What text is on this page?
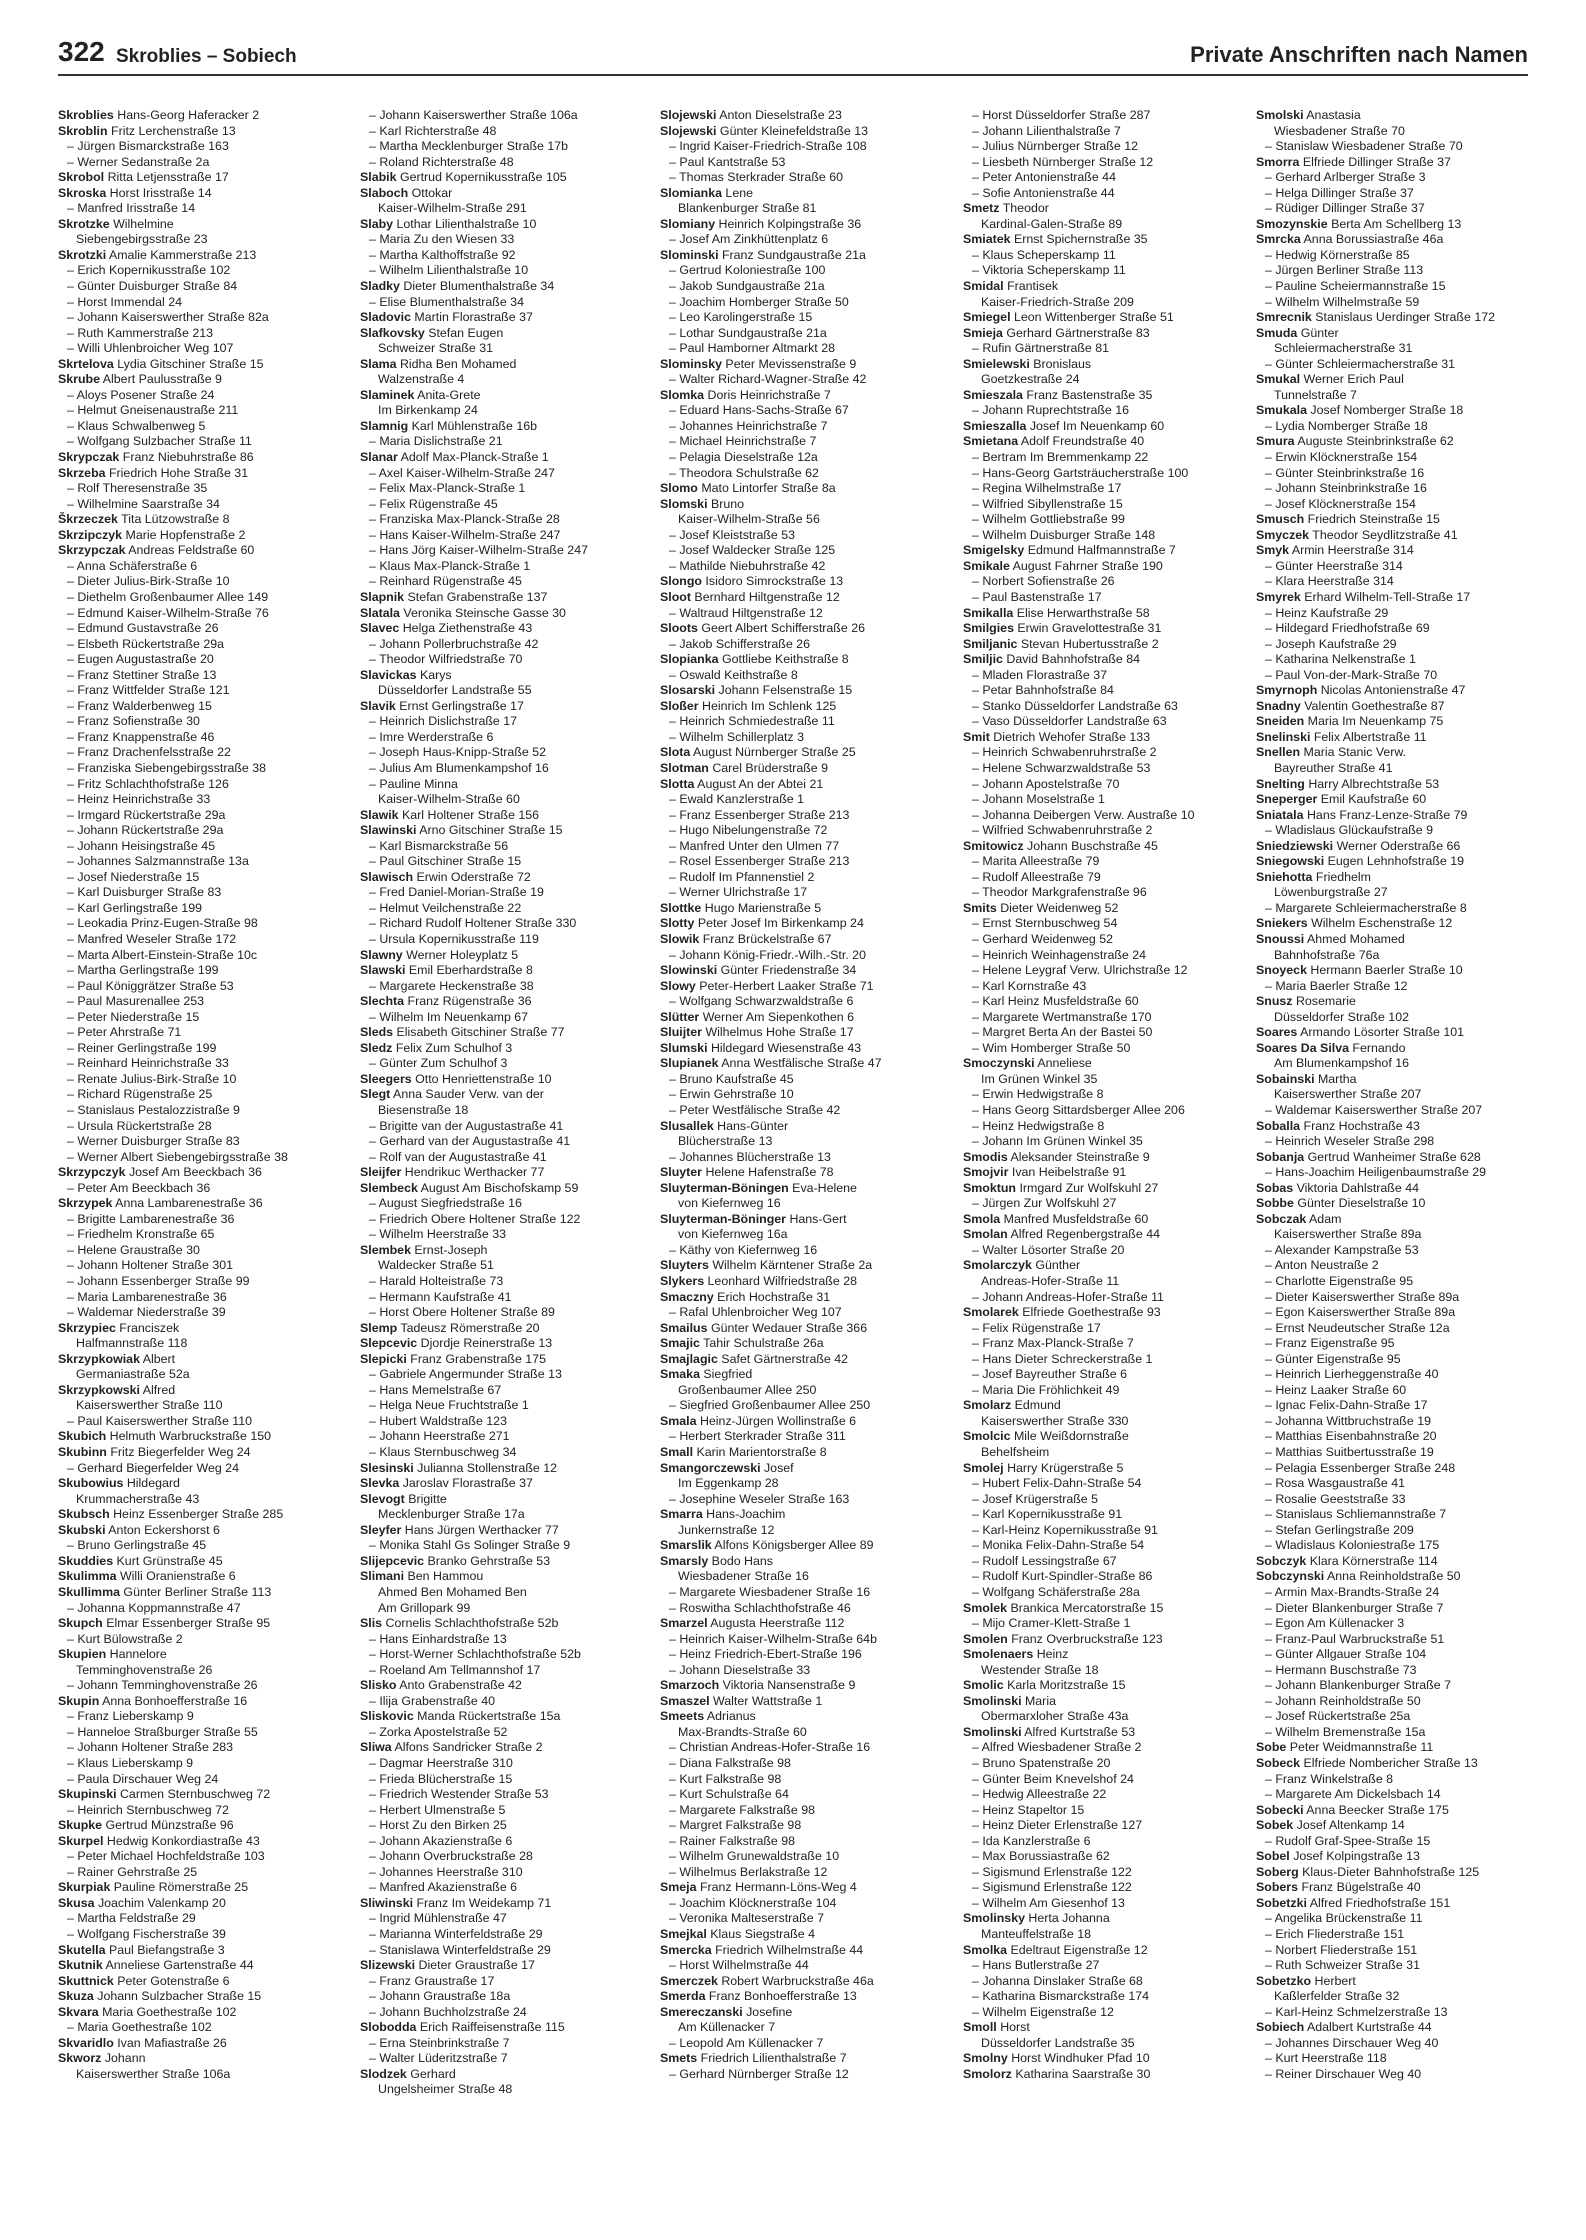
322 Skroblies – Sobiech	Private Anschriften nach Namen
Skroblies Hans-Georg Haferacker 2
Skroblin Fritz Lerchenstraße 13
– Jürgen Bismarckstraße 163
– Werner Sedanstraße 2a
Skrobol Ritta Letjensstraße 17
Skroska Horst Irisstraße 14
– Manfred Irisstraße 14
Skrotzke Wilhelmine
Siebengebirgsstraße 23
Skrotzki Amalie Kammerstraße 213
– Erich Kopernikusstraße 102
– Günter Duisburger Straße 84
– Horst Immendal 24
– Johann Kaiserswerther Straße 82a
– Ruth Kammerstraße 213
– Willi Uhlenbroicher Weg 107
Skrtelova Lydia Gitschiner Straße 15
Skrube Albert Paulusstraße 9
– Aloys Posener Straße 24
– Helmut Gneisenaustraße 211
– Klaus Schwalbenweg 5
– Wolfgang Sulzbacher Straße 11
Skrypczak Franz Niebuhrstraße 86
Skrzeba Friedrich Hohe Straße 31
– Rolf Theresenstraße 35
– Wilhelmine Saarstraße 34
Škrzeczek Tita Lützowstraße 8
Skrzipczyk Marie Hopfenstraße 2
Skrzypczak Andreas Feldstraße 60
– Anna Schäferstraße 6
– Dieter Julius-Birk-Straße 10
– Diethelm Großenbaumer Allee 149
– Edmund Kaiser-Wilhelm-Straße 76
– Edmund Gustavstraße 26
– Elsbeth Rückertstraße 29a
– Eugen Augustastraße 20
– Franz Stettiner Straße 13
– Franz Wittfelder Straße 121
– Franz Walderbenweg 15
– Franz Sofienstraße 30
– Franz Knappenstraße 46
– Franz Drachenfelsstraße 22
– Franziska Siebengebirgsstraße 38
– Fritz Schlachthofstraße 126
– Heinz Heinrichstraße 33
– Irmgard Rückertstraße 29a
– Johann Rückertstraße 29a
– Johann Heisingstraße 45
– Johannes Salzmannstraße 13a
– Josef Niederstraße 15
– Karl Duisburger Straße 83
– Karl Gerlingstraße 199
– Leokadia Prinz-Eugen-Straße 98
– Manfred Weseler Straße 172
– Marta Albert-Einstein-Straße 10c
– Martha Gerlingstraße 199
– Paul Königgrätzer Straße 53
– Paul Masurenallee 253
– Peter Niederstraße 15
– Peter Ahrstraße 71
– Reiner Gerlingstraße 199
– Reinhard Heinrichstraße 33
– Renate Julius-Birk-Straße 10
– Richard Rügenstraße 25
– Stanislaus Pestalozzistraße 9
– Ursula Rückertstraße 28
– Werner Duisburger Straße 83
– Werner Albert Siebengebirgsstraße 38
Skrzypczyk Josef Am Beeckbach 36
– Peter Am Beeckbach 36
Skrzypek Anna Lambarenestraße 36
– Brigitte Lambarenestraße 36
– Friedhelm Kronstraße 65
– Helene Graustraße 30
– Johann Holtener Straße 301
– Johann Essenberger Straße 99
– Maria Lambarenestraße 36
– Waldemar Niederstraße 39
Skrzypiec Franciszek
Halfmannstraße 118
Skrzypkowiak Albert
Germaniastraße 52a
Skrzypkowski Alfred
Kaiserswerther Straße 110
– Paul Kaiserswerther Straße 110
Skubich Helmuth Warbruckstraße 150
Skubinn Fritz Biegerfelder Weg 24
– Gerhard Biegerfelder Weg 24
Skubowius Hildegard
Krummacherstraße 43
Skubsch Heinz Essenberger Straße 285
Skubski Anton Eckershorst 6
– Bruno Gerlingstraße 45
Skuddies Kurt Grünstraße 45
Skulimma Willi Oranienstraße 6
Skullimma Günter Berliner Straße 113
– Johanna Koppmannstraße 47
Skupch Elmar Essenberger Straße 95
– Kurt Bülowstraße 2
Skupien Hannelore
Temminghovenstraße 26
– Johann Temminghovenstraße 26
Skupin Anna Bonhoefferstraße 16
– Franz Lieberskamp 9
– Hanneloe Straßburger Straße 55
– Johann Holtener Straße 283
– Klaus Lieberskamp 9
– Paula Dirschauer Weg 24
Skupinski Carmen Sternbuschweg 72
– Heinrich Sternbuschweg 72
Skupke Gertrud Münzstraße 96
Skurpel Hedwig Konkordiastraße 43
– Peter Michael Hochfeldstraße 103
– Rainer Gehrstraße 25
Skurpiak Pauline Römerstraße 25
Skusa Joachim Valenkamp 20
– Martha Feldstraße 29
– Wolfgang Fischerstraße 39
Skutella Paul Biefangstraße 3
Skutnik Anneliese Gartenstraße 44
Skuttnick Peter Gotenstraße 6
Skuza Johann Sulzbacher Straße 15
Skvara Maria Goethestraße 102
– Maria Goethestraße 102
Skvaridlo Ivan Mafiastraße 26
Skworz Johann
Kaiserswerther Straße 106a
– Johann Kaiserswerther Straße 106a
– Karl Richterstraße 48
– Martha Mecklenburger Straße 17b
– Roland Richterstraße 48
Slabik Gertrud Kopernikusstraße 105
Slaboch Ottokar
Kaiser-Wilhelm-Straße 291
Slaby Lothar Lilienthalstraße 10
– Maria Zu den Wiesen 33
– Martha Kalthoffstraße 92
– Wilhelm Lilienthalstraße 10
Sladky Dieter Blumenthalstraße 34
– Elise Blumenthalstraße 34
Sladovic Martin Florastraße 37
Slafkovsky Stefan Eugen
Schweizer Straße 31
Slama Ridha Ben Mohamed
Walzenstraße 4
Slaminek Anita-Grete
Im Birkenkamp 24
Slamnig Karl Mühlenstraße 16b
– Maria Dislichstraße 21
Slanar Adolf Max-Planck-Straße 1
– Axel Kaiser-Wilhelm-Straße 247
– Felix Max-Planck-Straße 1
– Felix Rügenstraße 45
– Franziska Max-Planck-Straße 28
– Hans Kaiser-Wilhelm-Straße 247
– Hans Jörg Kaiser-Wilhelm-Straße 247
– Klaus Max-Planck-Straße 1
– Reinhard Rügenstraße 45
Slapnik Stefan Grabenstraße 137
Slatala Veronika Steinsche Gasse 30
Slavec Helga Ziethenstraße 43
– Johann Pollerbruchstraße 42
– Theodor Wilfriedstraße 70
Slavickas Karys
Düsseldorfer Landstraße 55
Slavik Ernst Gerlingstraße 17
– Heinrich Dislichstraße 17
– Imre Werderstraße 6
– Joseph Haus-Knipp-Straße 52
– Julius Am Blumenkampshof 16
– Pauline Minna
Kaiser-Wilhelm-Straße 60
Slawik Karl Holtener Straße 156
Slawinski Arno Gitschiner Straße 15
– Karl Bismarckstraße 56
– Paul Gitschiner Straße 15
Slawisch Erwin Oderstraße 72
– Fred Daniel-Morian-Straße 19
– Helmut Veilchenstraße 22
– Richard Rudolf Holtener Straße 330
– Ursula Kopernikusstraße 119
Slawny Werner Holeyplatz 5
Slawski Emil Eberhardstraße 8
– Margarete Heckenstraße 38
Slechta Franz Rügenstraße 36
– Wilhelm Im Neuenkamp 67
Sleds Elisabeth Gitschiner Straße 77
Sledz Felix Zum Schulhof 3
– Günter Zum Schulhof 3
Sleegers Otto Henriettenstraße 10
Slegt Anna Sauder Verw. van der
Biesenstraße 18
– Brigitte van der Augustastraße 41
– Gerhard van der Augustastraße 41
– Rolf van der Augustastraße 41
Sleijfer Hendrikuc Werthacker 77
Slembeck August Am Bischofskamp 59
– August Siegfriedstraße 16
– Friedrich Obere Holtener Straße 122
– Wilhelm Heerstraße 33
Slembek Ernst-Joseph
Waldecker Straße 51
– Harald Holteistraße 73
– Hermann Kaufstraße 41
– Horst Obere Holtener Straße 89
Slemp Tadeusz Römerstraße 20
Slepcevic Djordje Reinerstraße 13
Slepicki Franz Grabenstraße 175
– Gabriele Angermunder Straße 13
– Hans Memelstraße 67
– Helga Neue Fruchtstraße 1
– Hubert Waldstraße 123
– Johann Heerstraße 271
– Klaus Sternbuschweg 34
Slesinski Julianna Stollenstraße 12
Slevka Jaroslav Florastraße 37
Slevogt Brigitte
Mecklenburger Straße 17a
Sleyfer Hans Jürgen Werthacker 77
– Monika Stahl Gs Solinger Straße 9
Slijepcevic Branko Gehrstraße 53
Slimani Ben Hammou
Ahmed Ben Mohamed Ben
Am Grillopark 99
Slis Cornelis Schlachthofstraße 52b
– Hans Einhardstraße 13
– Horst-Werner Schlachthofstraße 52b
– Roeland Am Tellmannshof 17
Slisko Anto Grabenstraße 42
– Ilija Grabenstraße 40
Sliskovic Manda Rückertstraße 15a
– Zorka Apostelstraße 52
Sliwa Alfons Sandricker Straße 2
– Dagmar Heerstraße 310
– Frieda Blücherstraße 15
– Friedrich Westender Straße 53
– Herbert Ulmenstraße 5
– Horst Zu den Birken 25
– Johann Akazienstraße 6
– Johann Overbruckstraße 28
– Johannes Heerstraße 310
– Manfred Akazienstraße 6
Sliwinski Franz Im Weidekamp 71
– Ingrid Mühlenstraße 47
– Marianna Winterfeldstraße 29
– Stanislawa Winterfeldstraße 29
Slizewski Dieter Graustraße 17
– Franz Graustraße 17
– Johann Graustraße 18a
– Johann Buchholzstraße 24
Slobodda Erich Raiffeisenstraße 115
– Erna Steinbrinkstraße 7
– Walter Lüderitzstraße 7
Slodzek Gerhard
Ungelsheimer Straße 48
Slojewski Anton Dieselstraße 23
Slojewski Günter Kleinefeldstraße 13
– Ingrid Kaiser-Friedrich-Straße 108
– Paul Kantstraße 53
– Thomas Sterkrader Straße 60
Slomianka Lene
Blankenburger Straße 81
Slomiany Heinrich Kolpingstraße 36
– Josef Am Zinkhüttenplatz 6
Slominski Franz Sundgaustraße 21a
– Gertrud Koloniestraße 100
– Jakob Sundgaustraße 21a
– Joachim Homberger Straße 50
– Leo Karolingerstraße 15
– Lothar Sundgaustraße 21a
– Paul Hamborner Altmarkt 28
Slominsky Peter Mevissenstraße 9
– Walter Richard-Wagner-Straße 42
Slomka Doris Heinrichstraße 7
– Eduard Hans-Sachs-Straße 67
– Johannes Heinrichstraße 7
– Michael Heinrichstraße 7
– Pelagia Dieselstraße 12a
– Theodora Schulstraße 62
Slomo Mato Lintorfer Straße 8a
Slomski Bruno
Kaiser-Wilhelm-Straße 56
– Josef Kleiststraße 53
– Josef Waldecker Straße 125
– Mathilde Niebuhrstraße 42
Slongo Isidoro Simrockstraße 13
Sloot Bernhard Hiltgenstraße 12
– Waltraud Hiltgenstraße 12
Sloots Geert Albert Schifferstraße 26
– Jakob Schifferstraße 26
Slopianka Gottliebe Keithstraße 8
– Oswald Keithstraße 8
Slosarski Johann Felsenstraße 15
Sloßer Heinrich Im Schlenk 125
– Heinrich Schmiedestraße 11
– Wilhelm Schillerplatz 3
Slota August Nürnberger Straße 25
Slotman Carel Brüderstraße 9
Slotta August An der Abtei 21
– Ewald Kanzlerstraße 1
– Franz Essenberger Straße 213
– Hugo Nibelungenstraße 72
– Manfred Unter den Ulmen 77
– Rosel Essenberger Straße 213
– Rudolf Im Pfannenstiel 2
– Werner Ulrichstraße 17
Slottke Hugo Marienstraße 5
Slotty Peter Josef Im Birkenkamp 24
Slowik Franz Brückelstraße 67
– Johann König-Friedr.-Wilh.-Str. 20
Slowinski Günter Friedenstraße 34
Slowy Peter-Herbert Laaker Straße 71
– Wolfgang Schwarzwaldstraße 6
Slütter Werner Am Siepenkothen 6
Sluijter Wilhelmus Hohe Straße 17
Slumski Hildegard Wiesenstraße 43
Slupianek Anna Westfälische Straße 47
– Bruno Kaufstraße 45
– Erwin Gehrstraße 10
– Peter Westfälische Straße 42
Slusallek Hans-Günter
Blücherstraße 13
– Johannes Blücherstraße 13
Sluyter Helene Hafenstraße 78
Sluyterman-Böningen Eva-Helene
von Kiefernweg 16
Sluyterman-Böninger Hans-Gert
von Kiefernweg 16a
– Käthy von Kiefernweg 16
Sluyters Wilhelm Kärntener Straße 2a
Slykers Leonhard Wilfriedstraße 28
Smaczny Erich Hochstraße 31
– Rafal Uhlenbroicher Weg 107
Smailus Günter Wedauer Straße 366
Smajic Tahir Schulstraße 26a
Smajlagic Safet Gärtnerstraße 42
Smaka Siegfried
Großenbaumer Allee 250
– Siegfried Großenbaumer Allee 250
Smala Heinz-Jürgen Wollinstraße 6
– Herbert Sterkrader Straße 311
Small Karin Marientorstraße 8
Smangorczewski Josef
Im Eggenkamp 28
– Josephine Weseler Straße 163
Smarra Hans-Joachim
Junkernstraße 12
Smarslik Alfons Königsberger Allee 89
Smarsly Bodo Hans
Wiesbadener Straße 16
– Margarete Wiesbadener Straße 16
– Roswitha Schlachthofstraße 46
Smarzel Augusta Heerstraße 112
– Heinrich Kaiser-Wilhelm-Straße 64b
– Heinz Friedrich-Ebert-Straße 196
– Johann Dieselstraße 33
Smarzoch Viktoria Nansenstraße 9
Smaszel Walter Wattstraße 1
Smeets Adrianus
Max-Brandts-Straße 60
– Christian Andreas-Hofer-Straße 16
– Diana Falkstraße 98
– Kurt Falkstraße 98
– Kurt Schulstraße 64
– Margarete Falkstraße 98
– Margret Falkstraße 98
– Rainer Falkstraße 98
– Wilhelm Grunewaldstraße 10
– Wilhelmus Berlakstraße 12
Smeja Franz Hermann-Löns-Weg 4
– Joachim Klöcknerstraße 104
– Veronika Malteserstraße 7
Smejkal Klaus Siegstraße 4
Smercka Friedrich Wilhelmstraße 44
– Horst Wilhelmstraße 44
Smerczek Robert Warbruckstraße 46a
Smerda Franz Bonhoefferstraße 13
Smereczanski Josefine
Am Küllenacker 7
– Leopold Am Küllenacker 7
Smets Friedrich Lilienthalstraße 7
– Gerhard Nürnberger Straße 12
– Horst Düsseldorfer Straße 287
– Johann Lilienthalstraße 7
– Julius Nürnberger Straße 12
– Liesbeth Nürnberger Straße 12
– Peter Antonienstraße 44
– Sofie Antonienstraße 44
Smetz Theodor
Kardinal-Galen-Straße 89
Smiatek Ernst Spichernstraße 35
– Klaus Scheperskamp 11
– Viktoria Scheperskamp 11
Smidal Frantisek
Kaiser-Friedrich-Straße 209
Smiegel Leon Wittenberger Straße 51
Smieja Gerhard Gärtnerstraße 83
– Rufin Gärtnerstraße 81
Smielewski Bronislaus
Goetzkestraße 24
Smieszala Franz Bastenstraße 35
– Johann Ruprechtstraße 16
Smieszalla Josef Im Neuenkamp 60
Smietana Adolf Freundstraße 40
– Bertram Im Bremmenkamp 22
– Hans-Georg Gartsträucherstraße 100
– Regina Wilhelmstraße 17
– Wilfried Sibyllenstraße 15
– Wilhelm Gottliebstraße 99
– Wilhelm Duisburger Straße 148
Smigelsky Edmund Halfmannstraße 7
Smikale August Fahrner Straße 190
– Norbert Sofienstraße 26
– Paul Bastenstraße 17
Smikalla Elise Herwarthstraße 58
Smilgies Erwin Gravelottestraße 31
Smiljanic Stevan Hubertusstraße 2
Smiljic David Bahnhofstraße 84
– Mladen Florastraße 37
– Petar Bahnhofstraße 84
– Stanko Düsseldorfer Landstraße 63
– Vaso Düsseldorfer Landstraße 63
Smit Dietrich Wehofer Straße 133
– Heinrich Schwabenruhrstraße 2
– Helene Schwarzwaldstraße 53
– Johann Apostelstraße 70
– Johann Moselstraße 1
– Johanna Deibergen Verw. Austraße 10
– Wilfried Schwabenruhrstraße 2
Smitowicz Johann Buschstraße 45
– Marita Alleestraße 79
– Rudolf Alleestraße 79
– Theodor Markgrafenstraße 96
Smits Dieter Weidenweg 52
– Ernst Sternbuschweg 54
– Gerhard Weidenweg 52
– Heinrich Weinhagenstraße 24
– Helene Leygraf Verw. Ulrichstraße 12
– Karl Kornstraße 43
– Karl Heinz Musfeldstraße 60
– Margarete Wertmanstraße 170
– Margret Berta An der Bastei 50
– Wim Homberger Straße 50
Smoczynski Anneliese
Im Grünen Winkel 35
– Erwin Hedwigstraße 8
– Hans Georg Sittardsberger Allee 206
– Heinz Hedwigstraße 8
– Johann Im Grünen Winkel 35
Smodis Aleksander Steinstraße 9
Smojvir Ivan Heibelstraße 91
Smoktun Irmgard Zur Wolfskuhl 27
– Jürgen Zur Wolfskuhl 27
Smola Manfred Musfeldstraße 60
Smolan Alfred Regenbergstraße 44
– Walter Lösorter Straße 20
Smolarczyk Günther
Andreas-Hofer-Straße 11
– Johann Andreas-Hofer-Straße 11
Smolarek Elfriede Goethestraße 93
– Felix Rügenstraße 17
– Franz Max-Planck-Straße 7
– Hans Dieter Schreckerstraße 1
– Josef Bayreuther Straße 6
– Maria Die Fröhlichkeit 49
Smolarz Edmund
Kaiserswerther Straße 330
Smolcic Mile Weißdornstraße
Behelfsheim
Smolej Harry Krügerstraße 5
– Hubert Felix-Dahn-Straße 54
– Josef Krügerstraße 5
– Karl Kopernikusstraße 91
– Karl-Heinz Kopernikusstraße 91
– Monika Felix-Dahn-Straße 54
– Rudolf Lessingstraße 67
– Rudolf Kurt-Spindler-Straße 86
– Wolfgang Schäferstraße 28a
Smolek Brankica Mercatorstraße 15
– Mijo Cramer-Klett-Straße 1
Smolen Franz Overbruckstraße 123
Smolenaers Heinz
Westender Straße 18
Smolic Karla Moritzstraße 15
Smolinski Maria
Obermarxloher Straße 43a
Smolinski Alfred Kurtstraße 53
– Alfred Wiesbadener Straße 2
– Bruno Spatenstraße 20
– Günter Beim Knevelshof 24
– Hedwig Alleestraße 22
– Heinz Stapeltor 15
– Heinz Dieter Erlenstraße 127
– Ida Kanzlerstraße 6
– Max Borussiastraße 62
– Sigismund Erlenstraße 122
– Sigismund Erlenstraße 122
– Wilhelm Am Giesenhof 13
Smolinsky Herta Johanna
Manteuffelstraße 18
Smolka Edeltraut Eigenstraße 12
– Hans Butlerstraße 27
– Johanna Dinslaker Straße 68
– Katharina Bismarckstraße 174
– Wilhelm Eigenstraße 12
Smoll Horst
Düsseldorfer Landstraße 35
Smolny Horst Windhuker Pfad 10
Smolorz Katharina Saarstraße 30
Smolski Anastasia
Wiesbadener Straße 70
– Stanislaw Wiesbadener Straße 70
Smorra Elfriede Dillinger Straße 37
– Gerhard Arlberger Straße 3
– Helga Dillinger Straße 37
– Rüdiger Dillinger Straße 37
Smozynskie Berta Am Schellberg 13
Smrcka Anna Borussiastraße 46a
– Hedwig Körnerstraße 85
– Jürgen Berliner Straße 113
– Pauline Scheiermannstraße 15
– Wilhelm Wilhelmstraße 59
Smrecnik Stanislaus Uerdinger Straße 172
Smuda Günter
Schleiermacherstraße 31
– Günter Schleiermacherstraße 31
Smukal Werner Erich Paul
Tunnelstraße 7
Smukala Josef Nomberger Straße 18
– Lydia Nomberger Straße 18
Smura Auguste Steinbrinkstraße 62
– Erwin Klöcknerstraße 154
– Günter Steinbrinkstraße 16
– Johann Steinbrinkstraße 16
– Josef Klöcknerstraße 154
Smusch Friedrich Steinstraße 15
Smyczek Theodor Seydlitzstraße 41
Smyk Armin Heerstraße 314
– Günter Heerstraße 314
– Klara Heerstraße 314
Smyrek Erhard Wilhelm-Tell-Straße 17
– Heinz Kaufstraße 29
– Hildegard Friedhofstraße 69
– Joseph Kaufstraße 29
– Katharina Nelkenstraße 1
– Paul Von-der-Mark-Straße 70
Smyrnoph Nicolas Antonienstraße 47
Snadny Valentin Goethestraße 87
Sneiden Maria Im Neuenkamp 75
Snelinski Felix Albertstraße 11
Snellen Maria Stanic Verw.
Bayreuther Straße 41
Snelting Harry Albrechtstraße 53
Sneperger Emil Kaufstraße 60
Sniatala Hans Franz-Lenze-Straße 79
– Wladislaus Glückaufstraße 9
Sniedziewski Werner Oderstraße 66
Sniegowski Eugen Lehnhofstraße 19
Sniehotta Friedhelm
Löwenburgstraße 27
– Margarete Schleiermacherstraße 8
Sniekers Wilhelm Eschenstraße 12
Snoussi Ahmed Mohamed
Bahnhofstraße 76a
Snoyeck Hermann Baerler Straße 10
– Maria Baerler Straße 12
Snusz Rosemarie
Düsseldorfer Straße 102
Soares Armando Lösorter Straße 101
Soares Da Silva Fernando
Am Blumenkampshof 16
Sobainski Martha
Kaiserswerther Straße 207
– Waldemar Kaiserswerther Straße 207
Soballa Franz Hochstraße 43
– Heinrich Weseler Straße 298
Sobanja Gertrud Wanheimer Straße 628
– Hans-Joachim Heiligenbaumstraße 29
Sobas Viktoria Dahlstraße 44
Sobbe Günter Dieselstraße 10
Sobczak Adam
Kaiserswerther Straße 89a
– Alexander Kampstraße 53
– Anton Neustraße 2
– Charlotte Eigenstraße 95
– Dieter Kaiserswerther Straße 89a
– Egon Kaiserswerther Straße 89a
– Ernst Neudeutscher Straße 12a
– Franz Eigenstraße 95
– Günter Eigenstraße 95
– Heinrich Lierheggenstraße 40
– Heinz Laaker Straße 60
– Ignac Felix-Dahn-Straße 17
– Johanna Wittbruchstraße 19
– Matthias Eisenbahnstraße 20
– Matthias Suitbertusstraße 19
– Pelagia Essenberger Straße 248
– Rosa Wasgaustraße 41
– Rosalie Geeststraße 33
– Stanislaus Schliemannstraße 7
– Stefan Gerlingstraße 209
– Wladislaus Koloniestraße 175
Sobczyk Klara Körnerstraße 114
Sobczynski Anna Reinholdstraße 50
– Armin Max-Brandts-Straße 24
– Dieter Blankenburger Straße 7
– Egon Am Küllenacker 3
– Franz-Paul Warbruckstraße 51
– Günter Allgauer Straße 104
– Hermann Buschstraße 73
– Johann Blankenburger Straße 7
– Johann Reinholdstraße 50
– Josef Rückertstraße 25a
– Wilhelm Bremenstraße 15a
Sobe Peter Weidmannstraße 11
Sobeck Elfriede Nombericher Straße 13
– Franz Winkelstraße 8
– Margarete Am Dickelsbach 14
Sobecki Anna Beecker Straße 175
Sobek Josef Altenkamp 14
– Rudolf Graf-Spee-Straße 15
Sobel Josef Kolpingstraße 13
Soberg Klaus-Dieter Bahnhofstraße 125
Sobers Franz Bügelstraße 40
Sobetzki Alfred Friedhofstraße 151
– Angelika Brückenstraße 11
– Erich Fliederstraße 151
– Norbert Fliederstraße 151
– Ruth Schweizer Straße 31
Sobetzko Herbert
Kaßlerfelder Straße 32
– Karl-Heinz Schmelzerstraße 13
Sobiech Adalbert Kurtstraße 44
– Johannes Dirschauer Weg 40
– Kurt Heerstraße 118
– Reiner Dirschauer Weg 40
